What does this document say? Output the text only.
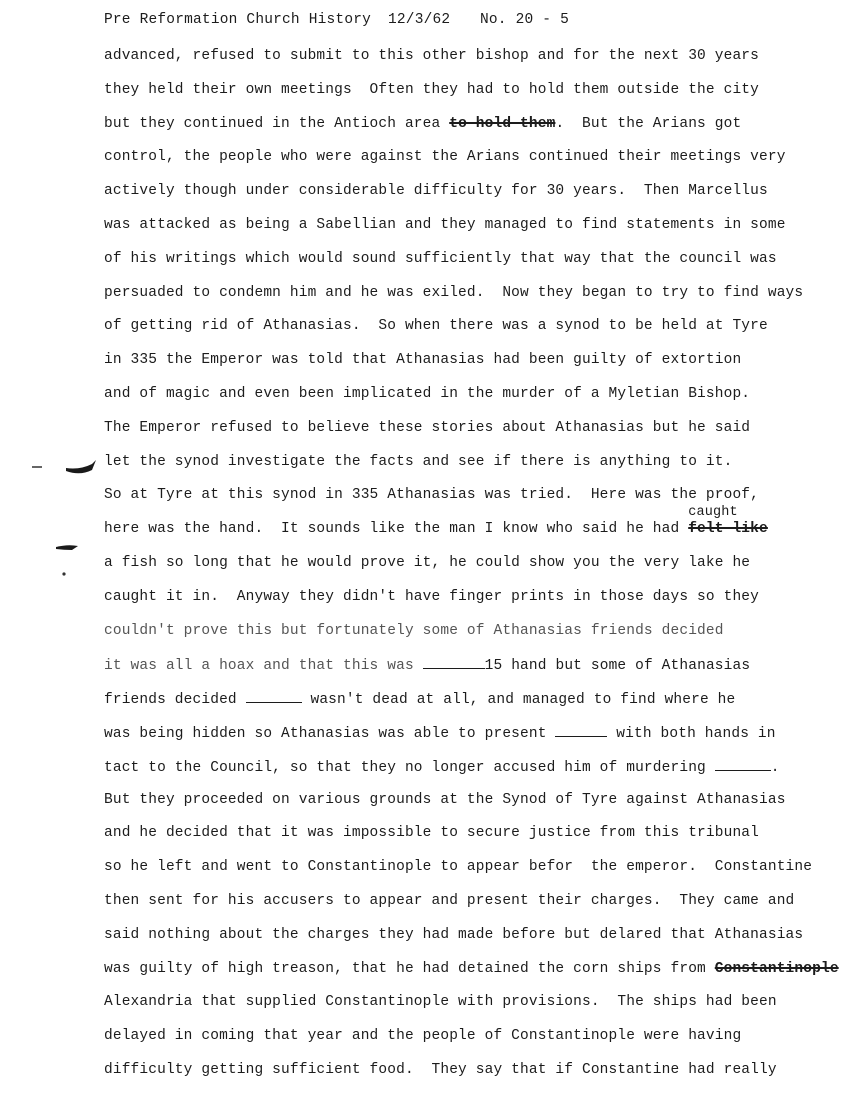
Pre Reformation Church History 12/3/62 No. 20 - 5
advanced, refused to submit to this other bishop and for the next 30 years
they held their own meetings  Often they had to hold them outside the city
but they continued in the Antioch area to hold them.  But the Arians got
control, the people who were against the Arians continued their meetings very
actively though under considerable difficulty for 30 years.  Then Marcellus
was attacked as being a Sabellian and they managed to find statements in some
of his writings which would sound sufficiently that way that the council was
persuaded to condemn him and he was exiled.  Now they began to try to find ways
of getting rid of Athanasias.  So when there was a synod to be held at Tyre
in 335 the Emperor was told that Athanasias had been guilty of extortion
and of magic and even been implicated in the murder of a Myletian Bishop.
The Emperor refused to believe these stories about Athanasias but he said
let the synod investigate the facts and see if there is anything to it.
So at Tyre at this synod in 335 Athanasias was tried.  Here was the proof,
here was the hand.  It sounds like the man I know who said he had
caught
felt like
a fish so long that he would prove it, he could show you the very lake he
caught it in.  Anyway they didn't have finger prints in those days so they
couldn't prove this but fortunately some of Athanasias friends decided
it was all a hoax and that this was	15 hand but some of Athanasias
friends decided	wasn't dead at all, and managed to find where he
was being hidden so Athanasias was able to present	with both hands in
tact to the Council, so that they no longer accused him of murdering	.
But they proceeded on various grounds at the Synod of Tyre against Athanasias
and he decided that it was impossible to secure justice from this tribunal
so he left and went to Constantinople to appear befor  the emperor.  Constantine
then sent for his accusers to appear and present their charges.  They came and
said nothing about the charges they had made before but delared that Athanasias
was guilty of high treason, that he had detained the corn ships from Constantinople
Alexandria that supplied Constantinople with provisions.  The ships had been
delayed in coming that year and the people of Constantinople were having
difficulty getting sufficient food.  They say that if Constantine had really
